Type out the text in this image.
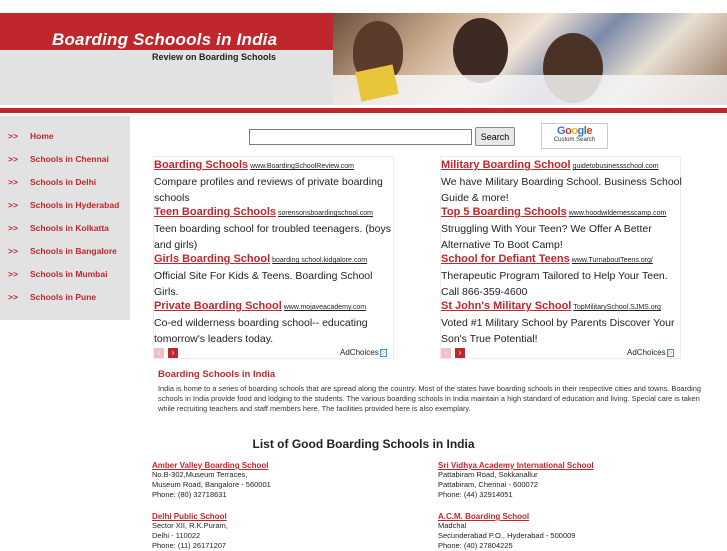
Boarding Schoools in India
Review on Boarding Schools
>> Home
>> Schools in Chennai
>> Schools in Delhi
>> Schools in Hyderabad
>> Schools in Kolkatta
>> Schools in Bangalore
>> Schools in Mumbai
>> Schools in Pune
Search	Google
Custom Search
Boarding Schools www.BoardingSchoolReview.com
Compare profiles and reviews of private boarding schools
Teen Boarding Schools sorensonsboardingschool.com
Teen boarding school for troubled teenagers. (boys and girls)
Girls Boarding School boarding school.kidgalore.com
Official Site For Kids & Teens. Boarding School Girls.
Private Boarding School www.mojaveacademy.com
Co-ed wilderness boarding school-- educating tomorrow's leaders today.
‹	›	AdChoices ▷
Military Boarding School guidetobusinessschool.com
We have Military Boarding School. Business School Guide & more!
Top 5 Boarding Schools www.hoodwildernesscamp.com
Struggling With Your Teen? We Offer A Better Alternative To Boot Camp!
School for Defiant Teens www.TurnaboutTeens.org/
Therapeutic Program Tailored to Help Your Teen. Call 866-359-4600
St John's Military School TopMilitarySchool.SJMS.org
Voted #1 Military School by Parents Discover Your Son's True Potential!
‹	›	AdChoices ▷
Boarding Schools in India
India is home to a series of boarding schools that are spread along the country. Most of the states have boarding schools in their respective cities and towns. Boarding schools in India provide food and lodging to the students. The various boarding schools in India maintain a high standard of education and living. Special care is taken while recruiting teachers and staff members here. The facilities provided here is also exemplary.
List of Good Boarding Schools in India
Amber Valley Boarding School
No.B-302,Museum Terraces,
Museum Road, Bangalore - 560001
Phone: (80) 32718631
Sri Vidhya Academy International School
Pattabiram Road, Sokkanallur
Pattabiram, Chennai - 600072
Phone: (44) 32914051
Delhi Public School
Sector XII, R.K.Puram,
Delhi - 110022
Phone: (11) 26171207
A.C.M. Boarding School
Madchal
Secunderabad P.O., Hyderabad - 500009
Phone: (40) 27804225
